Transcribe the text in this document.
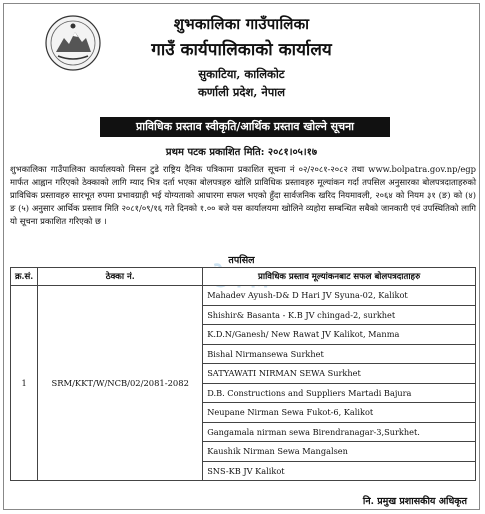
शुभकालिका गाउँपालिका
गाउँ कार्यपालिकाको कार्यालय
सुकाटिया, कालिकोट
कर्णाली प्रदेश, नेपाल
प्राविधिक प्रस्ताव स्वीकृति/आर्थिक प्रस्ताव खोल्ने सूचना
प्रथम पटक प्रकाशित मिति: २०८१।०५।१७
शुभकालिका गाउँपालिका कार्यालयको मिसन टुडे राष्ट्रिय दैनिक पत्रिकामा प्रकाशित सूचना नं ०२/२०८१-२०८२ तथा www.bolpatra.gov.np/egp मार्फत आह्वान गरिएको ठेक्काको लागि म्याद भित्र दर्ता भएका बोलपत्रहरु खोलि प्राविधिक प्रस्तावहरु मूल्यांकन गर्दा तपसिल अनुसारका बोलपत्रदाताहरुको प्राविधिक प्रस्तावहरु सारभूत रुपमा प्रभावग्राही भई योग्यताको आधारमा सफल भएको हुँदा सार्वजनिक खरिद नियमावली, २०६४ को नियम ३१ (ङ) को (४) ङ (५) अनुसार आर्थिक प्रस्ताव मिति २०८१/०९/१६ गते दिनको १.०० बजे यस कार्यालयमा खोलिने व्यहोरा सम्बन्धित सबैको जानकारी एवं उपस्थितिको लागि यो सूचना प्रकाशित गरिएको छ ।
तपसिल
क्र.सं.	ठेक्का नं.	प्राविधिक प्रस्ताव मूल्यांकनबाट सफल बोलपत्रदाताहरु
1	SRM/KKT/W/NCB/02/2081-2082	Mahadev Ayush-D& D Hari JV Syuna-02, Kalikot
		Shishir& Basanta - K.B JV chingad-2, surkhet
		K.D.N/Ganesh/ New Rawat JV Kalikot, Manma
		Bishal Nirmansewa Surkhet
		SATYAWATI NIRMAN SEWA Surkhet
		D.B. Constructions and Suppliers Martadi Bajura
		Neupane Nirman Sewa Fukot-6, Kalikot
		Gangamala nirman sewa Birendranagar-3,Surkhet.
		Kaushik Nirman Sewa Mangalsen
		SNS-KB JV Kalikot
नि. प्रमुख प्रशासकीय अधिकृत
